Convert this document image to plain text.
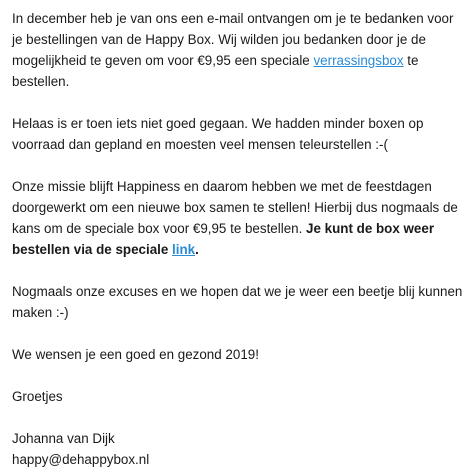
In december heb je van ons een e-mail ontvangen om je te bedanken voor je bestellingen van de Happy Box. Wij wilden jou bedanken door je de mogelijkheid te geven om voor €9,95 een speciale verrassingsbox te bestellen.

Helaas is er toen iets niet goed gegaan. We hadden minder boxen op voorraad dan gepland en moesten veel mensen teleurstellen :-(

Onze missie blijft Happiness en daarom hebben we met de feestdagen doorgewerkt om een nieuwe box samen te stellen! Hierbij dus nogmaals de kans om de speciale box voor €9,95 te bestellen. Je kunt de box weer bestellen via de speciale link.

Nogmaals onze excuses en we hopen dat we je weer een beetje blij kunnen maken :-)

We wensen je een goed en gezond 2019!

Groetjes

Johanna van Dijk

happy@dehappybox.nl
